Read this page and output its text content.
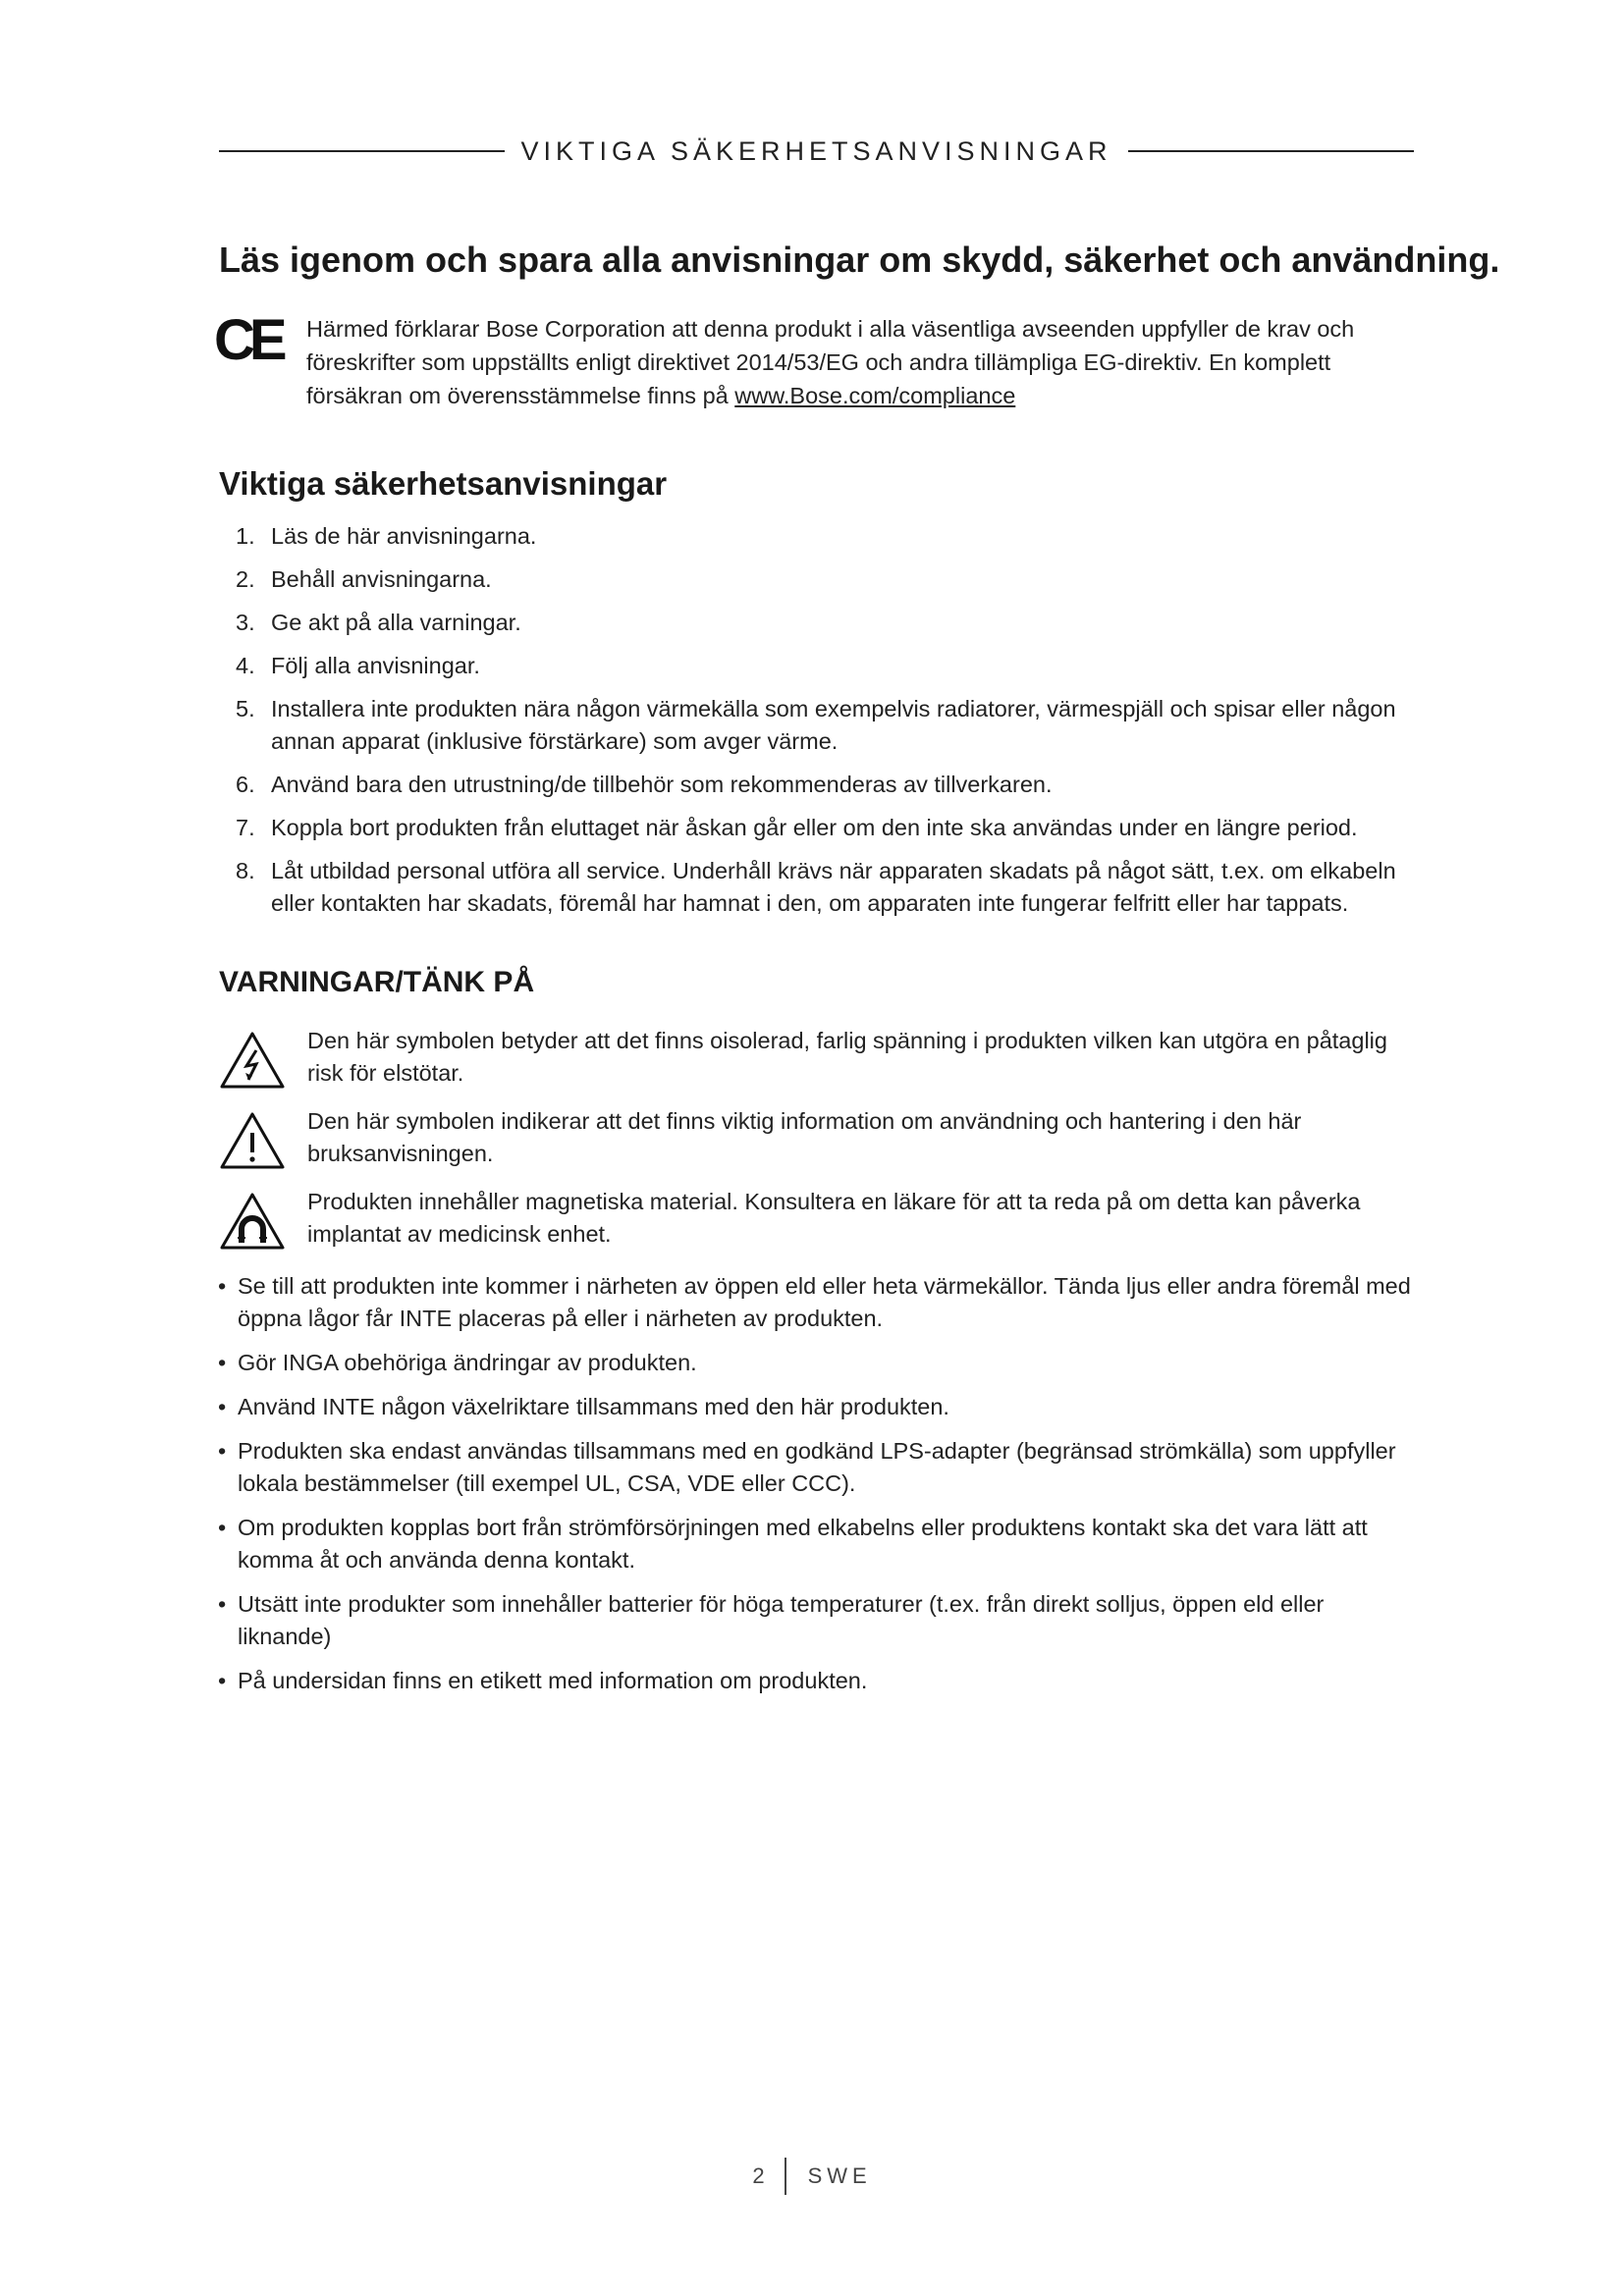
VIKTIGA SÄKERHETSANVISNINGAR
Läs igenom och spara alla anvisningar om skydd, säkerhet och användning.
CE Härmed förklarar Bose Corporation att denna produkt i alla väsentliga avseenden uppfyller de krav och föreskrifter som uppställts enligt direktivet 2014/53/EG och andra tillämpliga EG-direktiv. En komplett försäkran om överensstämmelse finns på www.Bose.com/compliance

Viktiga säkerhetsanvisningar
1. Läs de här anvisningarna.
2. Behåll anvisningarna.
3. Ge akt på alla varningar.
4. Följ alla anvisningar.
5. Installera inte produkten nära någon värmekälla som exempelvis radiatorer, värmespjäll och spisar eller någon annan apparat (inklusive förstärkare) som avger värme.
6. Använd bara den utrustning/de tillbehör som rekommenderas av tillverkaren.
7. Koppla bort produkten från eluttaget när åskan går eller om den inte ska användas under en längre period.
8. Låt utbildad personal utföra all service. Underhåll krävs när apparaten skadats på något sätt, t.ex. om elkabeln eller kontakten har skadats, föremål har hamnat i den, om apparaten inte fungerar felfritt eller har tappats.
VARNINGAR/TÄNK PÅ
Den här symbolen betyder att det finns oisolerad, farlig spänning i produkten vilken kan utgöra en påtaglig risk för elstötar.
Den här symbolen indikerar att det finns viktig information om användning och hantering i den här bruksanvisningen.
Produkten innehåller magnetiska material. Konsultera en läkare för att ta reda på om detta kan påverka implantat av medicinsk enhet.
• Se till att produkten inte kommer i närheten av öppen eld eller heta värmekällor. Tända ljus eller andra föremål med öppna lågor får INTE placeras på eller i närheten av produkten.
• Gör INGA obehöriga ändringar av produkten.
• Använd INTE någon växelriktare tillsammans med den här produkten.
• Produkten ska endast användas tillsammans med en godkänd LPS-adapter (begränsad strömkälla) som uppfyller lokala bestämmelser (till exempel UL, CSA, VDE eller CCC).
• Om produkten kopplas bort från strömförsörjningen med elkabelns eller produktens kontakt ska det vara lätt att komma åt och använda denna kontakt.
• Utsätt inte produkter som innehåller batterier för höga temperaturer (t.ex. från direkt solljus, öppen eld eller liknande)
• På undersidan finns en etikett med information om produkten.
2	SWE
